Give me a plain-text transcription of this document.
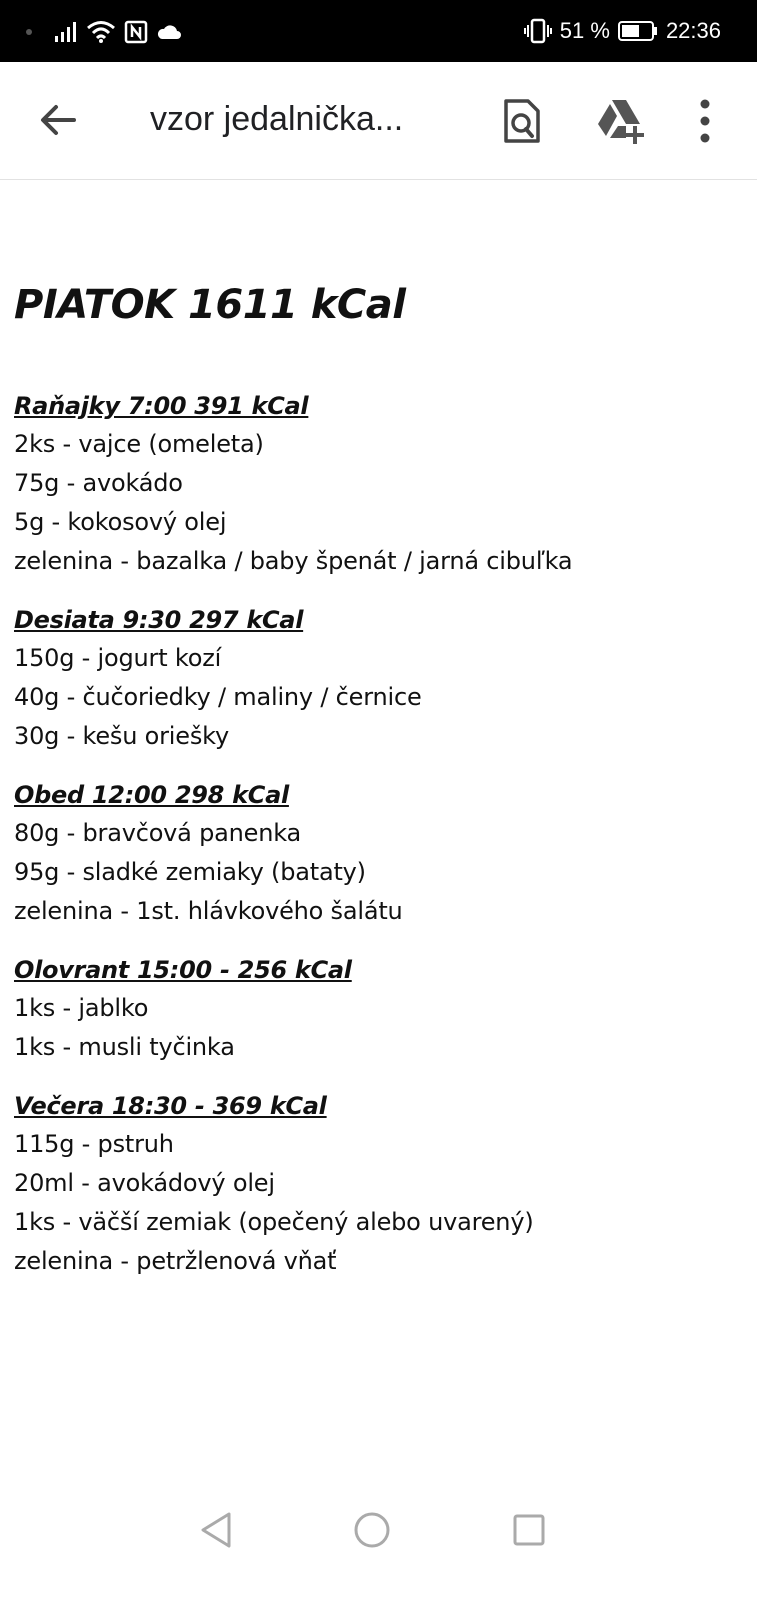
51 %	22:36
vzor jedalnička...
PIATOK 1611 kCal
Raňajky 7:00 391 kCal
2ks - vajce (omeleta)
75g - avokádo
5g - kokosový olej
zelenina - bazalka / baby špenát / jarná cibuľka
Desiata 9:30 297 kCal
150g - jogurt kozí
40g - čučoriedky / maliny / černice
30g - kešu oriešky
Obed 12:00 298 kCal
80g - bravčová panenka
95g - sladké zemiaky (bataty)
zelenina - 1st. hlávkového šalátu
Olovrant 15:00 - 256 kCal
1ks - jablko
1ks - musli tyčinka
Večera 18:30 - 369 kCal
115g - pstruh
20ml - avokádový olej
1ks - väčší zemiak (opečený alebo uvarený)
zelenina - petržlenová vňať
